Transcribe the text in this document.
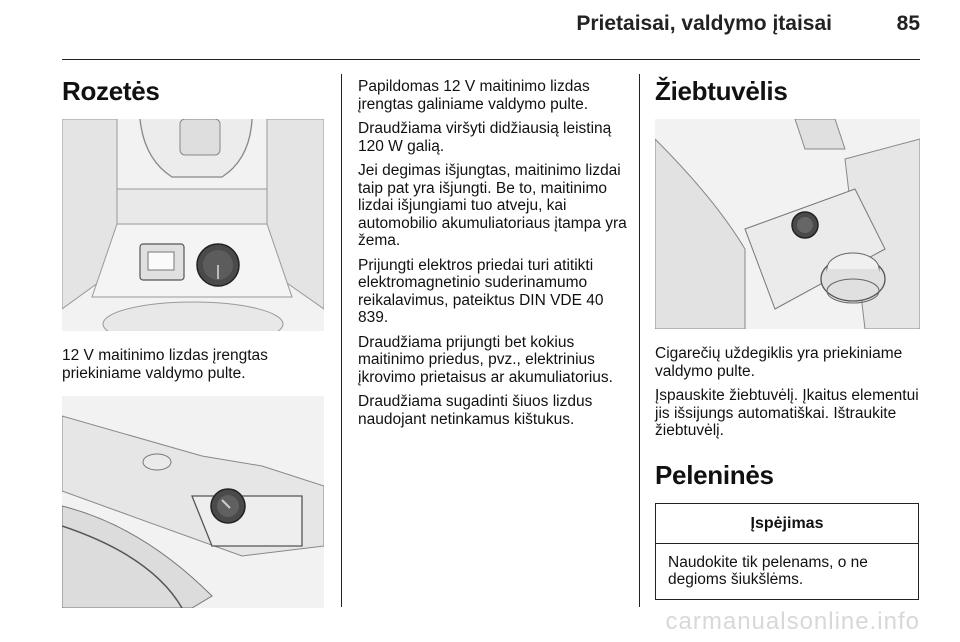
Prietaisai, valdymo įtaisai	85
Rozetės

12 V maitinimo lizdas įrengtas priekiniame valdymo pulte.

Papildomas 12 V maitinimo lizdas įrengtas galiniame valdymo pulte.

Draudžiama viršyti didžiausią leistiną 120 W galią.

Jei degimas išjungtas, maitinimo lizdai taip pat yra išjungti. Be to, maitinimo lizdai išjungiami tuo atveju, kai automobilio akumuliatoriaus įtampa yra žema.

Prijungti elektros priedai turi atitikti elektromagnetinio suderinamumo reikalavimus, pateiktus DIN VDE 40 839.

Draudžiama prijungti bet kokius maitinimo priedus, pvz., elektrinius įkrovimo prietaisus ar akumuliatorius.

Draudžiama sugadinti šiuos lizdus naudojant netinkamus kištukus.

Žiebtuvėlis

Cigarečių uždegiklis yra priekiniame valdymo pulte.

Įspauskite žiebtuvėlį. Įkaitus elementui jis išsijungs automatiškai. Ištraukite žiebtuvėlį.

Peleninės
Įspėjimas
Naudokite tik pelenams, o ne degioms šiukšlėms.
carmanualsonline.info
